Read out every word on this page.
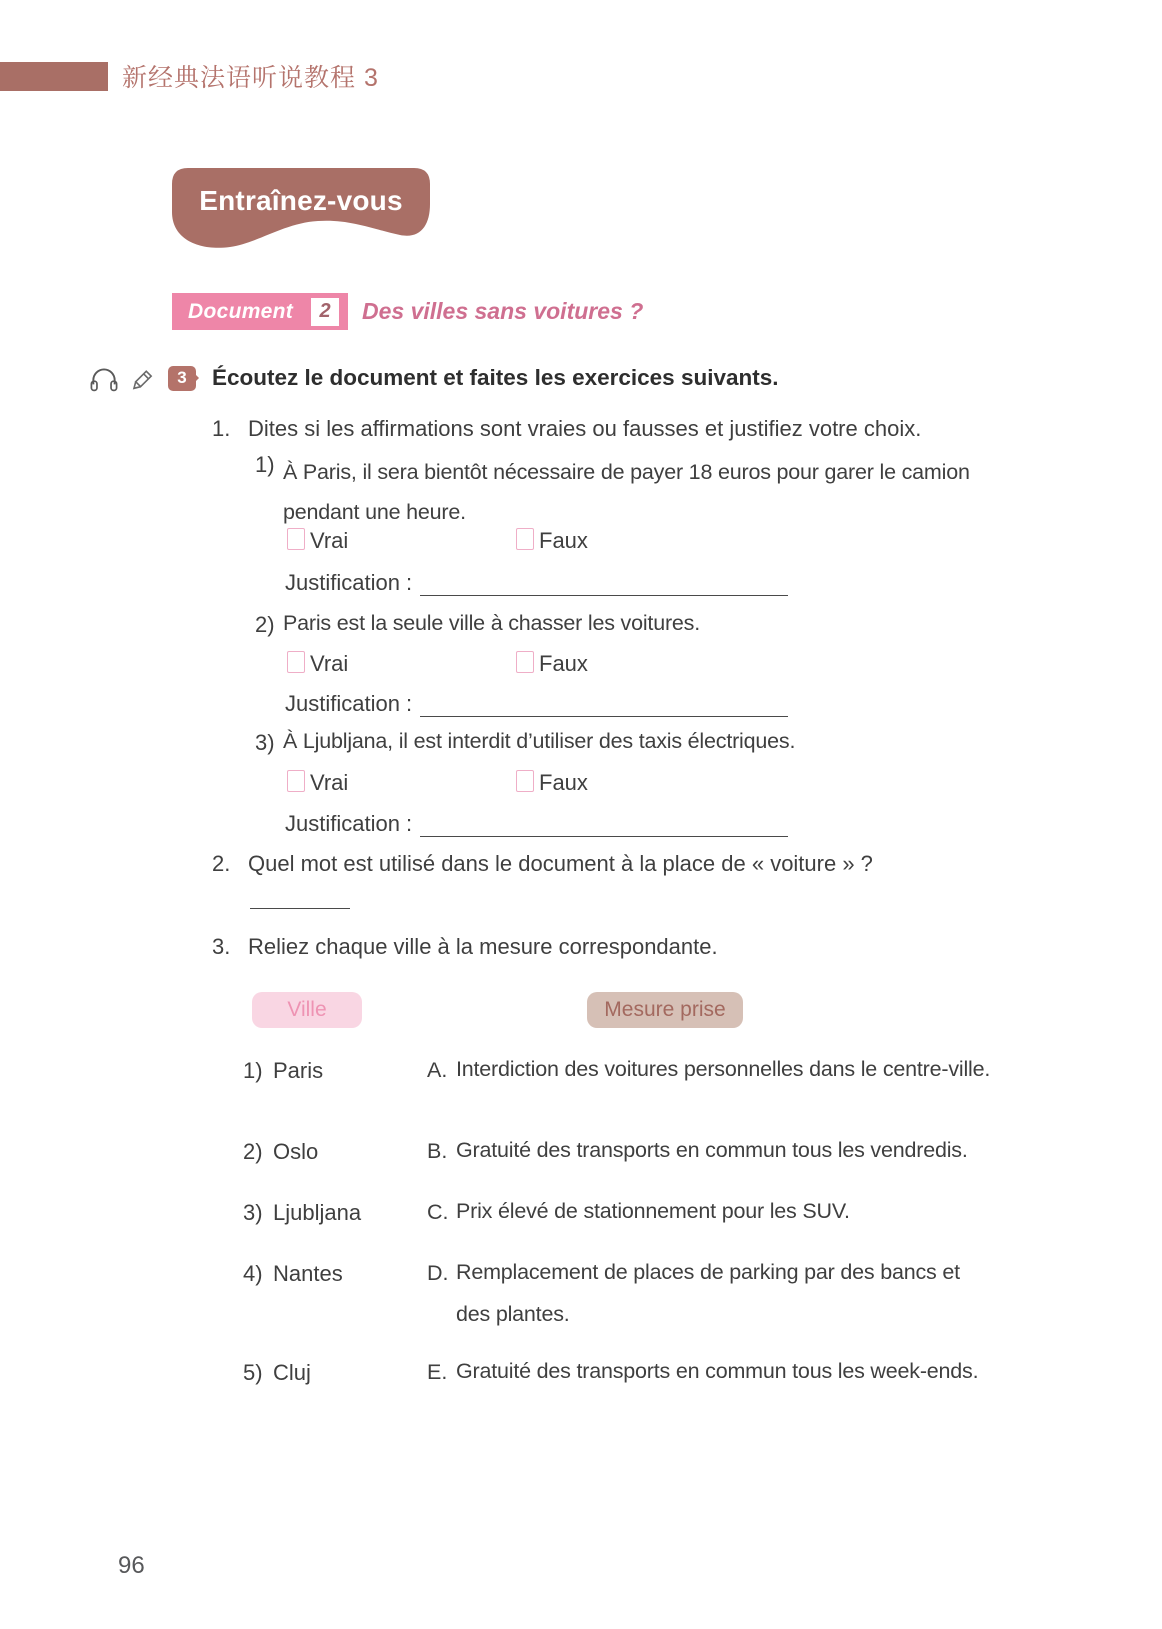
新经典法语听说教程 3
Entraînez-vous
Document	2	Des villes sans voitures ?
3	Écoutez le document et faites les exercices suivants.
1. Dites si les affirmations sont vraies ou fausses et justifiez votre choix.
1) À Paris, il sera bientôt nécessaire de payer 18 euros pour garer le camion pendant une heure.
Vrai	Faux
Justification :
2) Paris est la seule ville à chasser les voitures.
Vrai	Faux
Justification :
3) À Ljubljana, il est interdit d’utiliser des taxis électriques.
Vrai	Faux
Justification :
2. Quel mot est utilisé dans le document à la place de « voiture » ?
3. Reliez chaque ville à la mesure correspondante.
Ville	Mesure prise
1) Paris	A. Interdiction des voitures personnelles dans le centre-ville.
2) Oslo	B. Gratuité des transports en commun tous les vendredis.
3) Ljubljana	C. Prix élevé de stationnement pour les SUV.
4) Nantes	D. Remplacement de places de parking par des bancs et des plantes.
5) Cluj	E. Gratuité des transports en commun tous les week-ends.
96
